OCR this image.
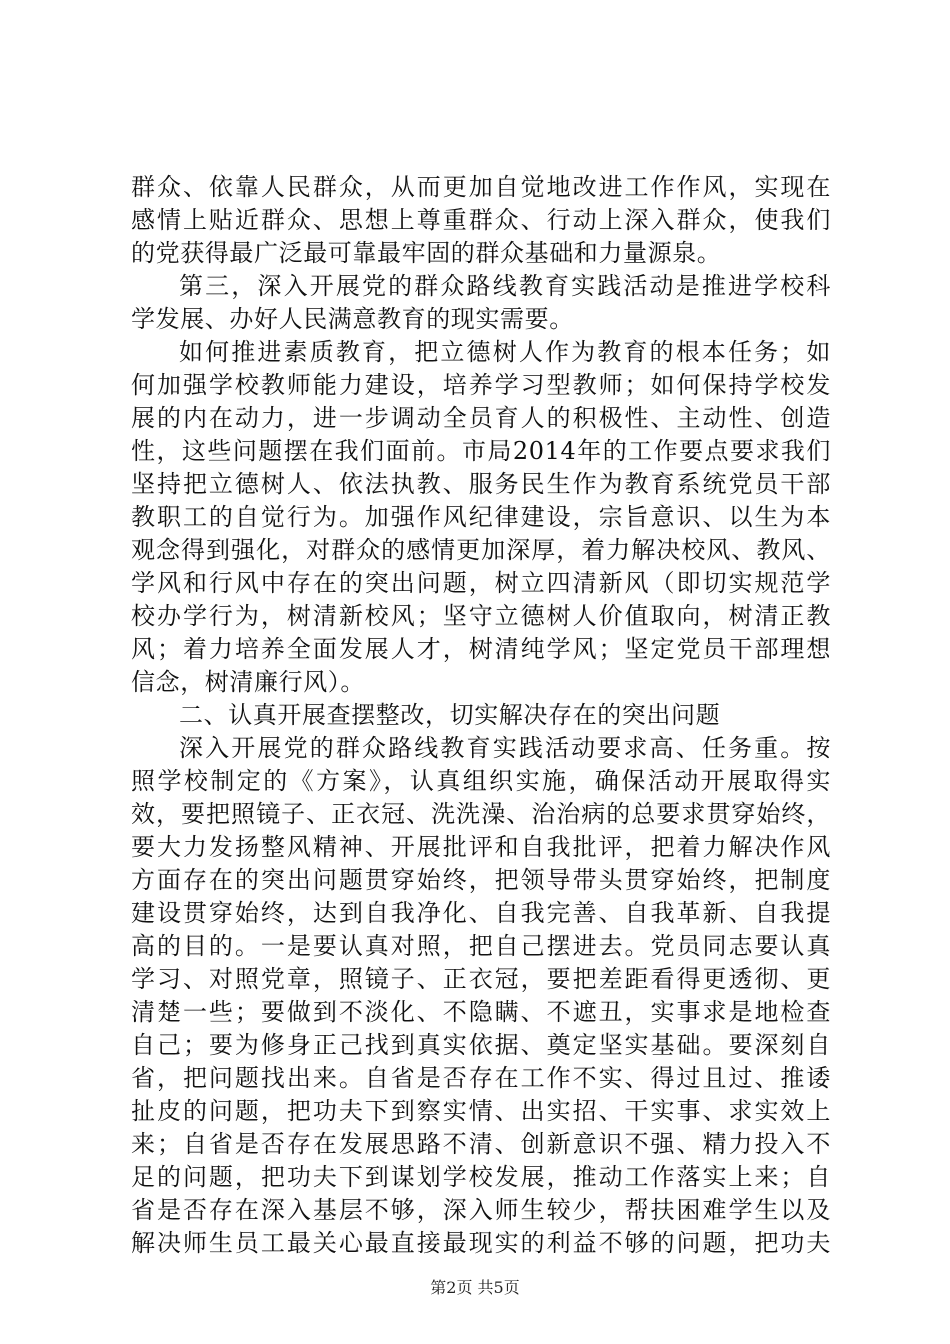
群众、依靠人民群众，从而更加自觉地改进工作作风，实现在
感情上贴近群众、思想上尊重群众、行动上深入群众，使我们
的党获得最广泛最可靠最牢固的群众基础和力量源泉。
第三，深入开展党的群众路线教育实践活动是推进学校科
学发展、办好人民满意教育的现实需要。
如何推进素质教育，把立德树人作为教育的根本任务；如
何加强学校教师能力建设，培养学习型教师；如何保持学校发
展的内在动力，进一步调动全员育人的积极性、主动性、创造
性，这些问题摆在我们面前。市局2014年的工作要点要求我们
坚持把立德树人、依法执教、服务民生作为教育系统党员干部
教职工的自觉行为。加强作风纪律建设，宗旨意识、以生为本
观念得到强化，对群众的感情更加深厚，着力解决校风、教风、
学风和行风中存在的突出问题，树立四清新风（即切实规范学
校办学行为，树清新校风；坚守立德树人价值取向，树清正教
风；着力培养全面发展人才，树清纯学风；坚定党员干部理想
信念，树清廉行风）。
二、认真开展查摆整改，切实解决存在的突出问题
深入开展党的群众路线教育实践活动要求高、任务重。按
照学校制定的《方案》，认真组织实施，确保活动开展取得实
效，要把照镜子、正衣冠、洗洗澡、治治病的总要求贯穿始终，
要大力发扬整风精神、开展批评和自我批评，把着力解决作风
方面存在的突出问题贯穿始终，把领导带头贯穿始终，把制度
建设贯穿始终，达到自我净化、自我完善、自我革新、自我提
高的目的。一是要认真对照，把自己摆进去。党员同志要认真
学习、对照党章，照镜子、正衣冠，要把差距看得更透彻、更
清楚一些；要做到不淡化、不隐瞒、不遮丑，实事求是地检查
自己；要为修身正己找到真实依据、奠定坚实基础。要深刻自
省，把问题找出来。自省是否存在工作不实、得过且过、推诿
扯皮的问题，把功夫下到察实情、出实招、干实事、求实效上
来；自省是否存在发展思路不清、创新意识不强、精力投入不
足的问题，把功夫下到谋划学校发展，推动工作落实上来；自
省是否存在深入基层不够，深入师生较少，帮扶困难学生以及
解决师生员工最关心最直接最现实的利益不够的问题，把功夫
第2页 共5页
